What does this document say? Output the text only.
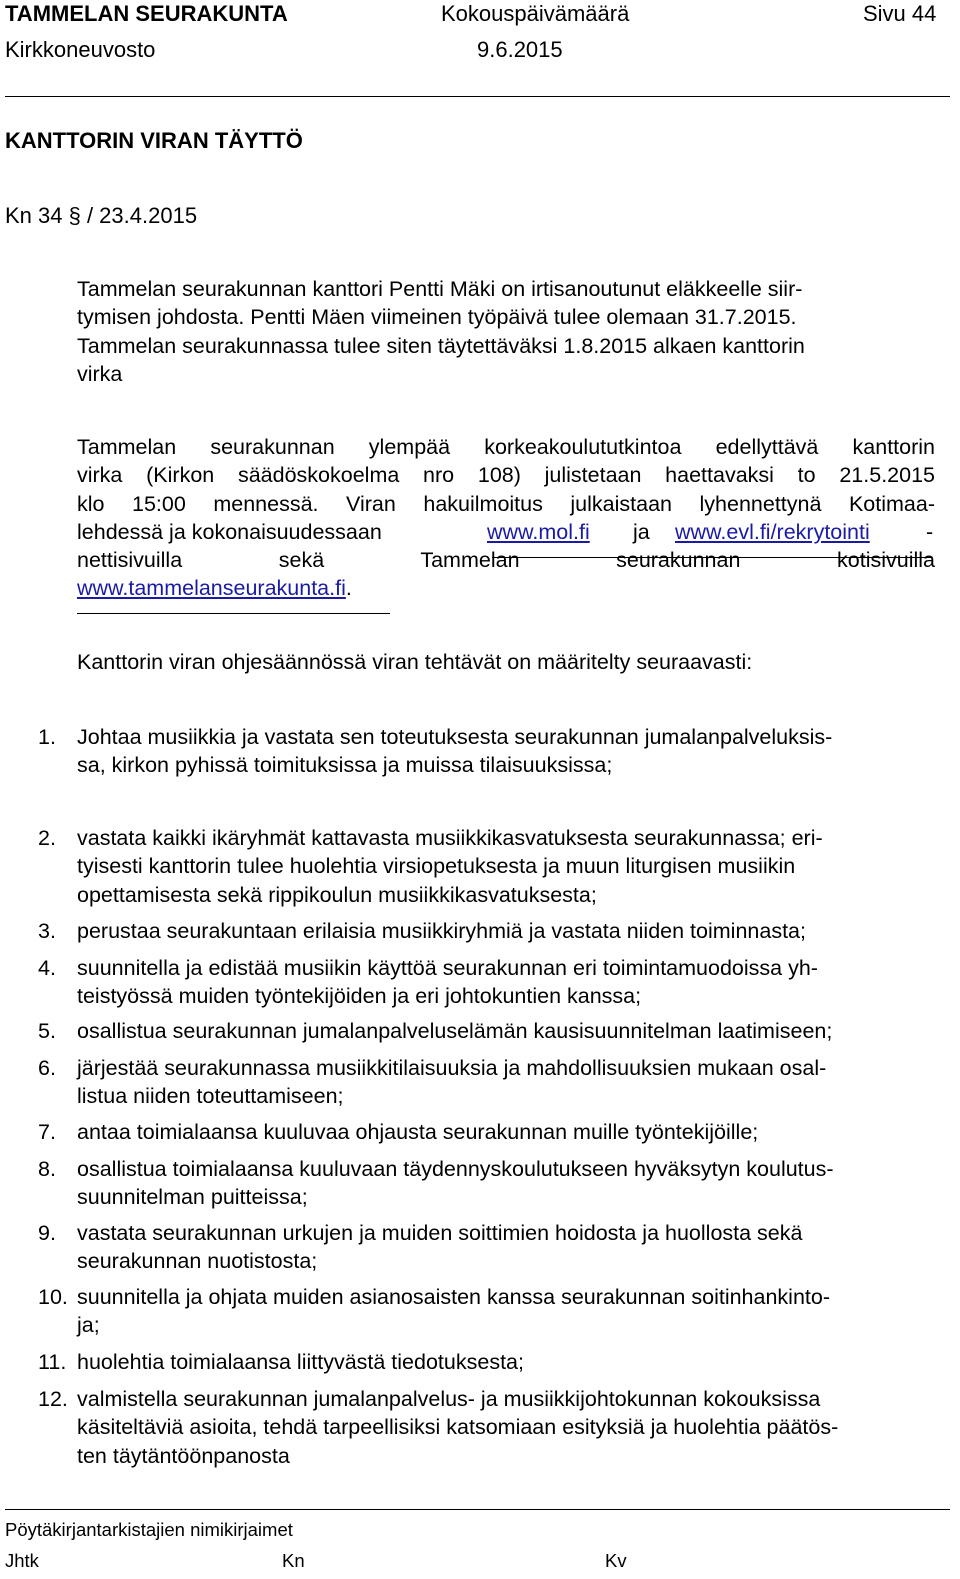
TAMMELAN SEURAKUNTA	Kokouspäivämäärä	Sivu 44
Kirkkoneuvosto	9.6.2015
KANTTORIN VIRAN TÄYTTÖ
Kn 34 § / 23.4.2015
Tammelan seurakunnan kanttori Pentti Mäki on irtisanoutunut eläkkeelle siir-
tymisen johdosta. Pentti Mäen viimeinen työpäivä tulee olemaan 31.7.2015.
Tammelan seurakunnassa tulee siten täytettäväksi 1.8.2015 alkaen kanttorin
virka
Tammelan seurakunnan ylempää korkeakoulututkintoa edellyttävä kanttorin
virka (Kirkon säädöskokoelma nro 108) julistetaan haettavaksi to 21.5.2015
klo 15:00 mennessä. Viran hakuilmoitus julkaistaan lyhennettynä Kotimaa-
lehdessä ja kokonaisuudessaan	www.mol.fi ja www.evl.fi/rekrytointi	-
nettisivuilla sekä Tammelan seurakunnan kotisivuilla
www.tammelanseurakunta.fi.
Kanttorin viran ohjesäännössä viran tehtävät on määritelty seuraavasti:
1. Johtaa musiikkia ja vastata sen toteutuksesta seurakunnan jumalanpalveluksis-
sa, kirkon pyhissä toimituksissa ja muissa tilaisuuksissa;
2. vastata kaikki ikäryhmät kattavasta musiikkikasvatuksesta seurakunnassa; eri-
tyisesti kanttorin tulee huolehtia virsiopetuksesta ja muun liturgisen musiikin
opettamisesta sekä rippikoulun musiikkikasvatuksesta;
3. perustaa seurakuntaan erilaisia musiikkiryhmiä ja vastata niiden toiminnasta;
4. suunnitella ja edistää musiikin käyttöä seurakunnan eri toimintamuodoissa yh-
teistyössä muiden työntekijöiden ja eri johtokuntien kanssa;
5. osallistua seurakunnan jumalanpalveluselämän kausisuunnitelman laatimiseen;
6. järjestää seurakunnassa musiikkitilaisuuksia ja mahdollisuuksien mukaan osal-
listua niiden toteuttamiseen;
7. antaa toimialaansa kuuluvaa ohjausta seurakunnan muille työntekijöille;
8. osallistua toimialaansa kuuluvaan täydennyskoulutukseen hyväksytyn koulutus-
suunnitelman puitteissa;
9. vastata seurakunnan urkujen ja muiden soittimien hoidosta ja huollosta sekä
seurakunnan nuotistosta;
10. suunnitella ja ohjata muiden asianosaisten kanssa seurakunnan soitinhankinto-
ja;
11. huolehtia toimialaansa liittyvästä tiedotuksesta;
12. valmistella seurakunnan jumalanpalvelus- ja musiikkijohtokunnan kokouksissa
käsiteltäviä asioita, tehdä tarpeellisiksi katsomiaan esityksiä ja huolehtia päätös-
ten täytäntöönpanosta
Pöytäkirjantarkistajien nimikirjaimet
Jhtk	Kn	Kv
